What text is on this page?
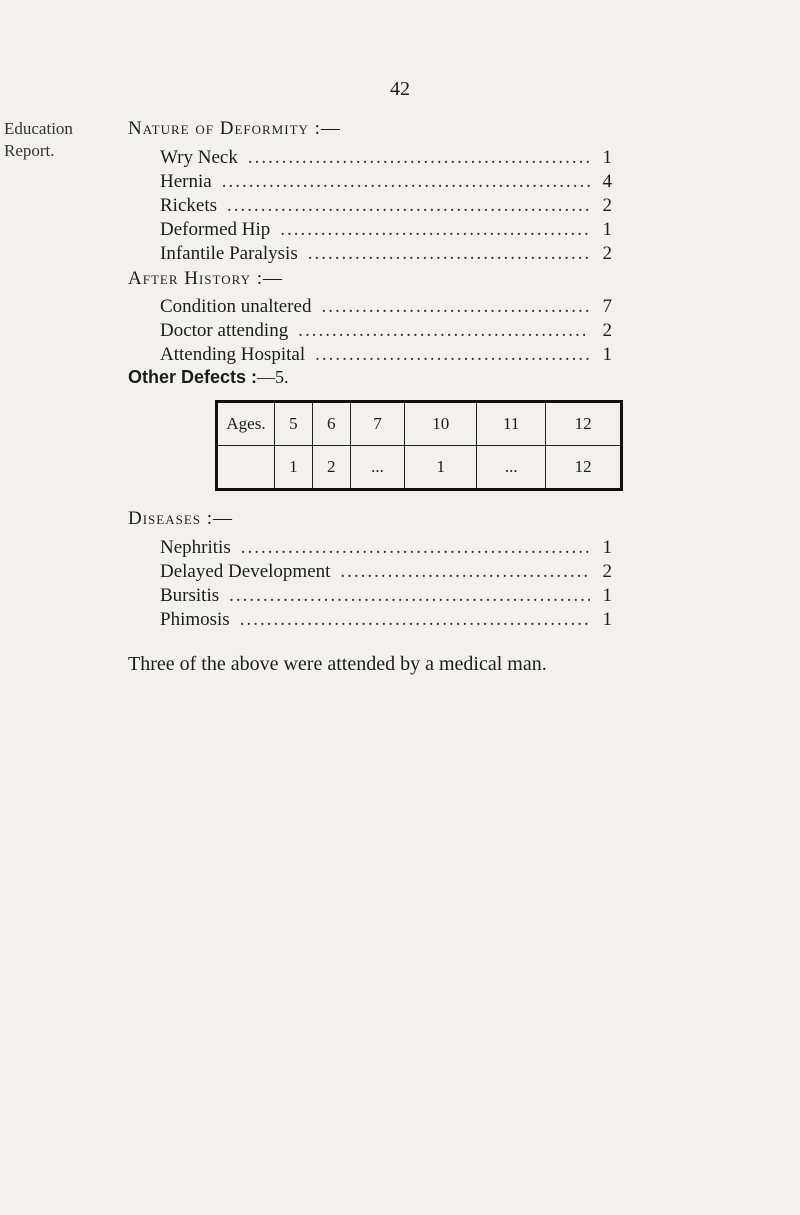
42
Education
Report.
Nature of Deformity :—
Wry Neck .....	1
Hernia .....	4
Rickets .....	2
Deformed Hip .....	1
Infantile Paralysis .....	2
After History :—
Condition unaltered .....	7
Doctor attending .....	2
Attending Hospital .....	1
Other Defects :—5.
Ages.	5	6	7	10	11	12
	1	2	...	1	...	12
Diseases :—
Nephritis .....	1
Delayed Development .....	2
Bursitis .....	1
Phimosis .....	1
Three of the above were attended by a medical man.
